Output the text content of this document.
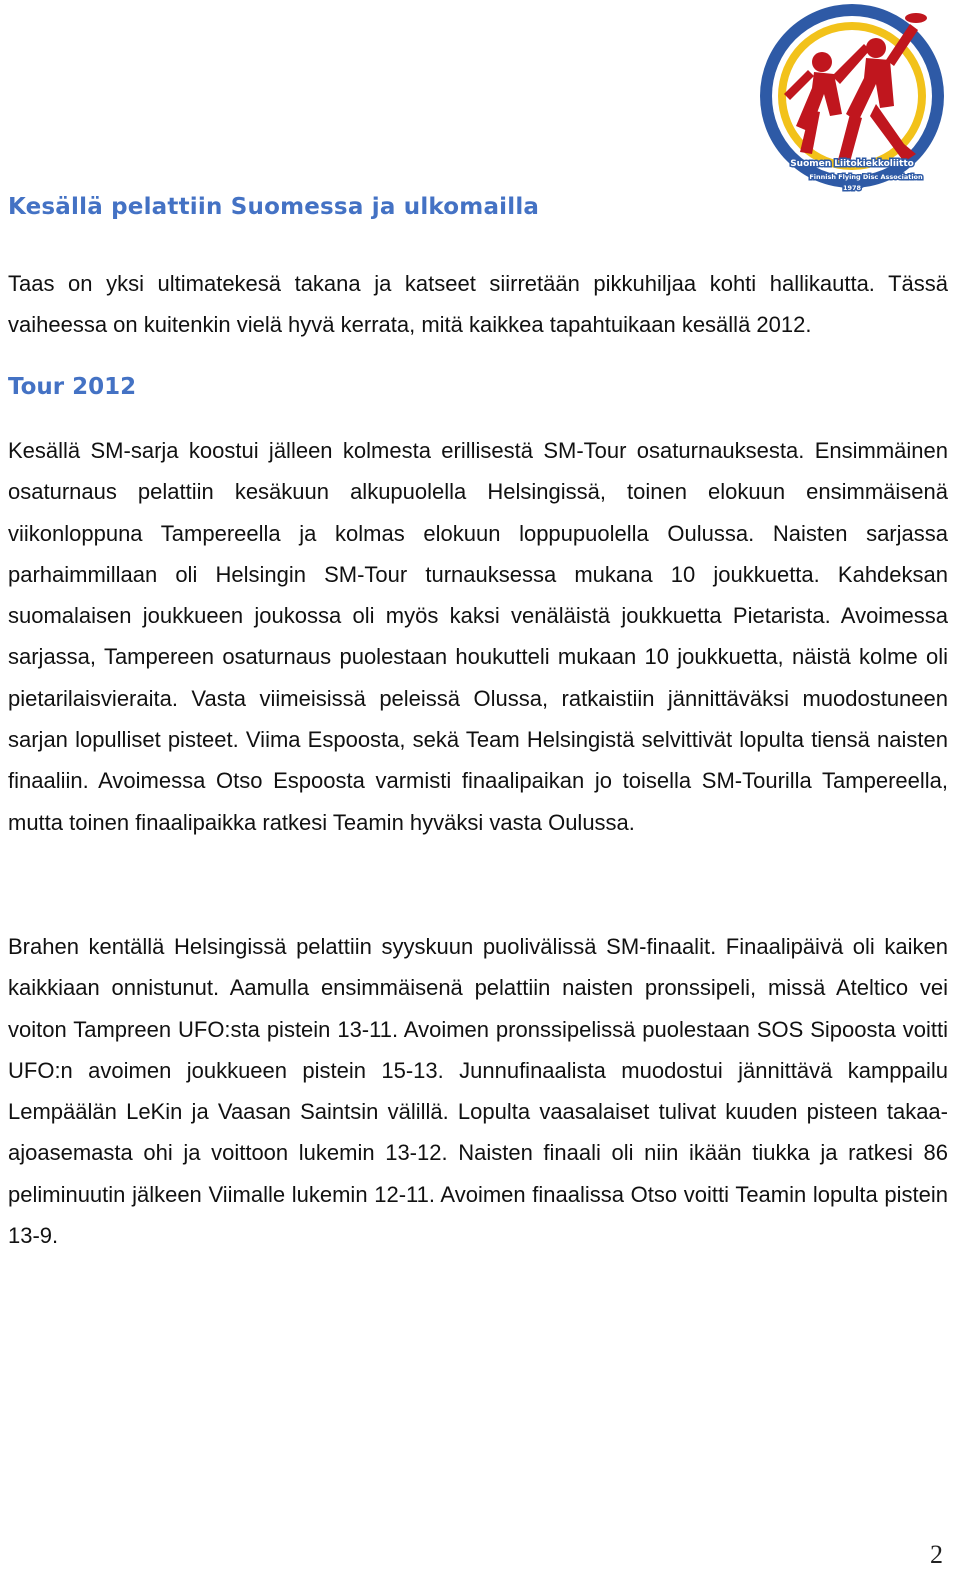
Suomen Liitokiekkoliitto
Finnish Flying Disc Association
1978
Kesällä pelattiin Suomessa ja ulkomailla

Taas on yksi ultimatekesä takana ja katseet siirretään pikkuhiljaa kohti hallikautta. Tässä vaiheessa on kuitenkin vielä hyvä kerrata, mitä kaikkea tapahtuikaan kesällä 2012.

Tour 2012

Kesällä SM-sarja koostui jälleen kolmesta erillisestä SM-Tour osaturnauksesta. Ensimmäinen osaturnaus pelattiin kesäkuun alkupuolella Helsingissä, toinen elokuun ensimmäisenä viikonloppuna Tampereella ja kolmas elokuun loppupuolella Oulussa. Naisten sarjassa parhaimmillaan oli Helsingin SM-Tour turnauksessa mukana 10 joukkuetta. Kahdeksan suomalaisen joukkueen joukossa oli myös kaksi venäläistä joukkuetta Pietarista. Avoimessa sarjassa, Tampereen osaturnaus puolestaan houkutteli mukaan 10 joukkuetta, näistä kolme oli pietarilaisvieraita. Vasta viimeisissä peleissä Olussa, ratkaistiin jännittäväksi muodostuneen sarjan lopulliset pisteet. Viima Espoosta, sekä Team Helsingistä selvittivät lopulta tiensä naisten finaaliin. Avoimessa Otso Espoosta varmisti finaalipaikan jo toisella SM-Tourilla Tampereella, mutta toinen finaalipaikka ratkesi Teamin hyväksi vasta Oulussa.

Brahen kentällä Helsingissä pelattiin syyskuun puolivälissä SM-finaalit. Finaalipäivä oli kaiken kaikkiaan onnistunut. Aamulla ensimmäisenä pelattiin naisten pronssipeli, missä Ateltico vei voiton Tampreen UFO:sta pistein 13-11. Avoimen pronssipelissä puolestaan SOS Sipoosta voitti UFO:n avoimen joukkueen pistein 15-13. Junnufinaalista muodostui jännittävä kamppailu Lempäälän LeKin ja Vaasan Saintsin välillä. Lopulta vaasalaiset tulivat kuuden pisteen takaa-ajoasemasta ohi ja voittoon lukemin 13-12. Naisten finaali oli niin ikään tiukka ja ratkesi 86 peliminuutin jälkeen Viimalle lukemin 12-11. Avoimen finaalissa Otso voitti Teamin lopulta pistein 13-9.

2
